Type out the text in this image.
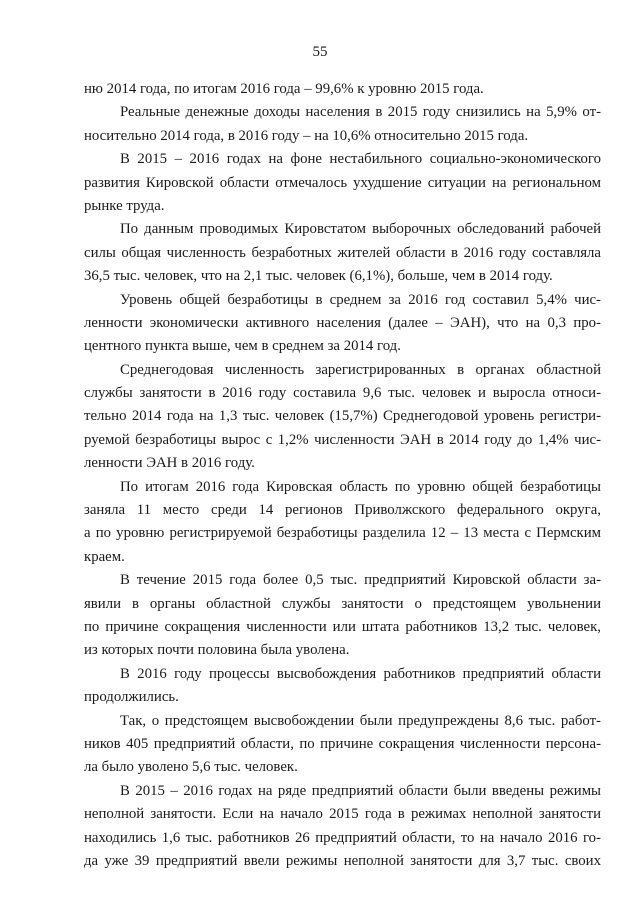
55
ню 2014 года, по итогам 2016 года – 99,6% к уровню 2015 года.
Реальные денежные доходы населения в 2015 году снизились на 5,9% от-
носительно 2014 года, в 2016 году – на 10,6% относительно 2015 года.
В 2015 – 2016 годах на фоне нестабильного социально-экономического
развития Кировской области отмечалось ухудшение ситуации на региональном
рынке труда.
По данным проводимых Кировстатом выборочных обследований рабочей
силы общая численность безработных жителей области в 2016 году составляла
36,5 тыс. человек, что на 2,1 тыс. человек (6,1%), больше, чем в 2014 году.
Уровень общей безработицы в среднем за 2016 год составил 5,4% чис-
ленности экономически активного населения (далее – ЭАН), что на 0,3 про-
центного пункта выше, чем в среднем за 2014 год.
Среднегодовая численность зарегистрированных в органах областной
службы занятости в 2016 году составила 9,6 тыс. человек и выросла относи-
тельно 2014 года на 1,3 тыс. человек (15,7%) Среднегодовой уровень регистри-
руемой безработицы вырос с 1,2% численности ЭАН в 2014 году до 1,4% чис-
ленности ЭАН в 2016 году.
По итогам 2016 года Кировская область по уровню общей безработицы
заняла 11 место среди 14 регионов Приволжского федерального округа,
а по уровню регистрируемой безработицы разделила 12 – 13 места с Пермским
краем.
В течение 2015 года более 0,5 тыс. предприятий Кировской области за-
явили в органы областной службы занятости о предстоящем увольнении
по причине сокращения численности или штата работников 13,2 тыс. человек,
из которых почти половина была уволена.
В 2016 году процессы высвобождения работников предприятий области
продолжились.
Так, о предстоящем высвобождении были предупреждены 8,6 тыс. работ-
ников 405 предприятий области, по причине сокращения численности персона-
ла было уволено 5,6 тыс. человек.
В 2015 – 2016 годах на ряде предприятий области были введены режимы
неполной занятости. Если на начало 2015 года в режимах неполной занятости
находились 1,6 тыс. работников 26 предприятий области, то на начало 2016 го-
да уже 39 предприятий ввели режимы неполной занятости для 3,7 тыс. своих
